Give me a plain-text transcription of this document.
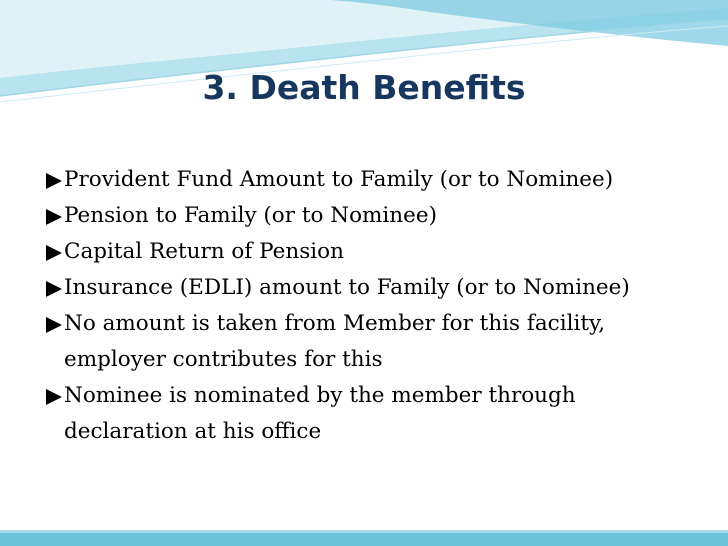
3. Death Benefits
Provident Fund Amount to Family (or to Nominee)
Pension to Family (or to Nominee)
Capital Return of Pension
Insurance (EDLI) amount to Family (or to Nominee)
No amount is taken from Member for this facility, employer contributes for this
Nominee is nominated by the member through declaration at his office
